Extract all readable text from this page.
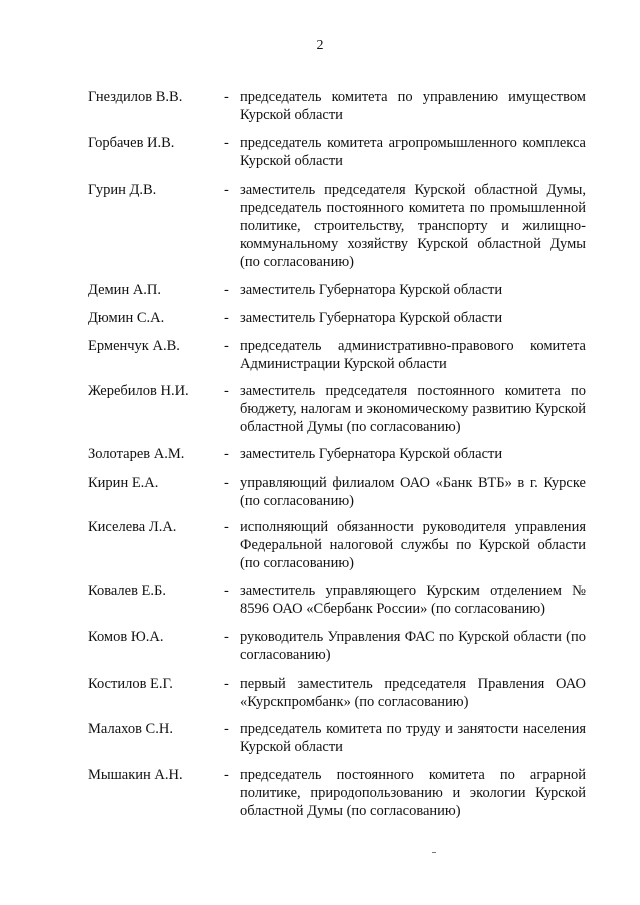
2
Гнездилов В.В.	- председатель комитета по управлению имуществом Курской области
Горбачев И.В.	- председатель комитета агропромышленного комплекса Курской области
Гурин Д.В.	- заместитель председателя Курской областной Думы, председатель постоянного комитета по промышленной политике, строительству, транспорту и жилищно-коммунальному хозяйству Курской областной Думы (по согласованию)
Демин А.П.	- заместитель Губернатора Курской области
Дюмин С.А.	- заместитель Губернатора Курской области
Ерменчук А.В.	- председатель административно-правового комитета Администрации Курской области
Жеребилов Н.И. - заместитель председателя постоянного комитета по бюджету, налогам и экономическому развитию Курской областной Думы (по согласованию)
Золотарев А.М.	- заместитель Губернатора Курской области
Кирин Е.А.	- управляющий филиалом ОАО «Банк ВТБ» в г. Курске (по согласованию)
Киселева Л.А.	- исполняющий обязанности руководителя управления Федеральной налоговой службы по Курской области (по согласованию)
Ковалев Е.Б.	- заместитель управляющего Курским отделением № 8596 ОАО «Сбербанк России» (по согласованию)
Комов Ю.А.	- руководитель Управления ФАС по Курской области (по согласованию)
Костилов Е.Г.	- первый заместитель председателя Правления ОАО «Курскпромбанк» (по согласованию)
Малахов С.Н.	- председатель комитета по труду и занятости населения Курской области
Мышакин А.Н.	- председатель постоянного комитета по аграрной политике, природопользованию и экологии Курской областной Думы (по согласованию)
